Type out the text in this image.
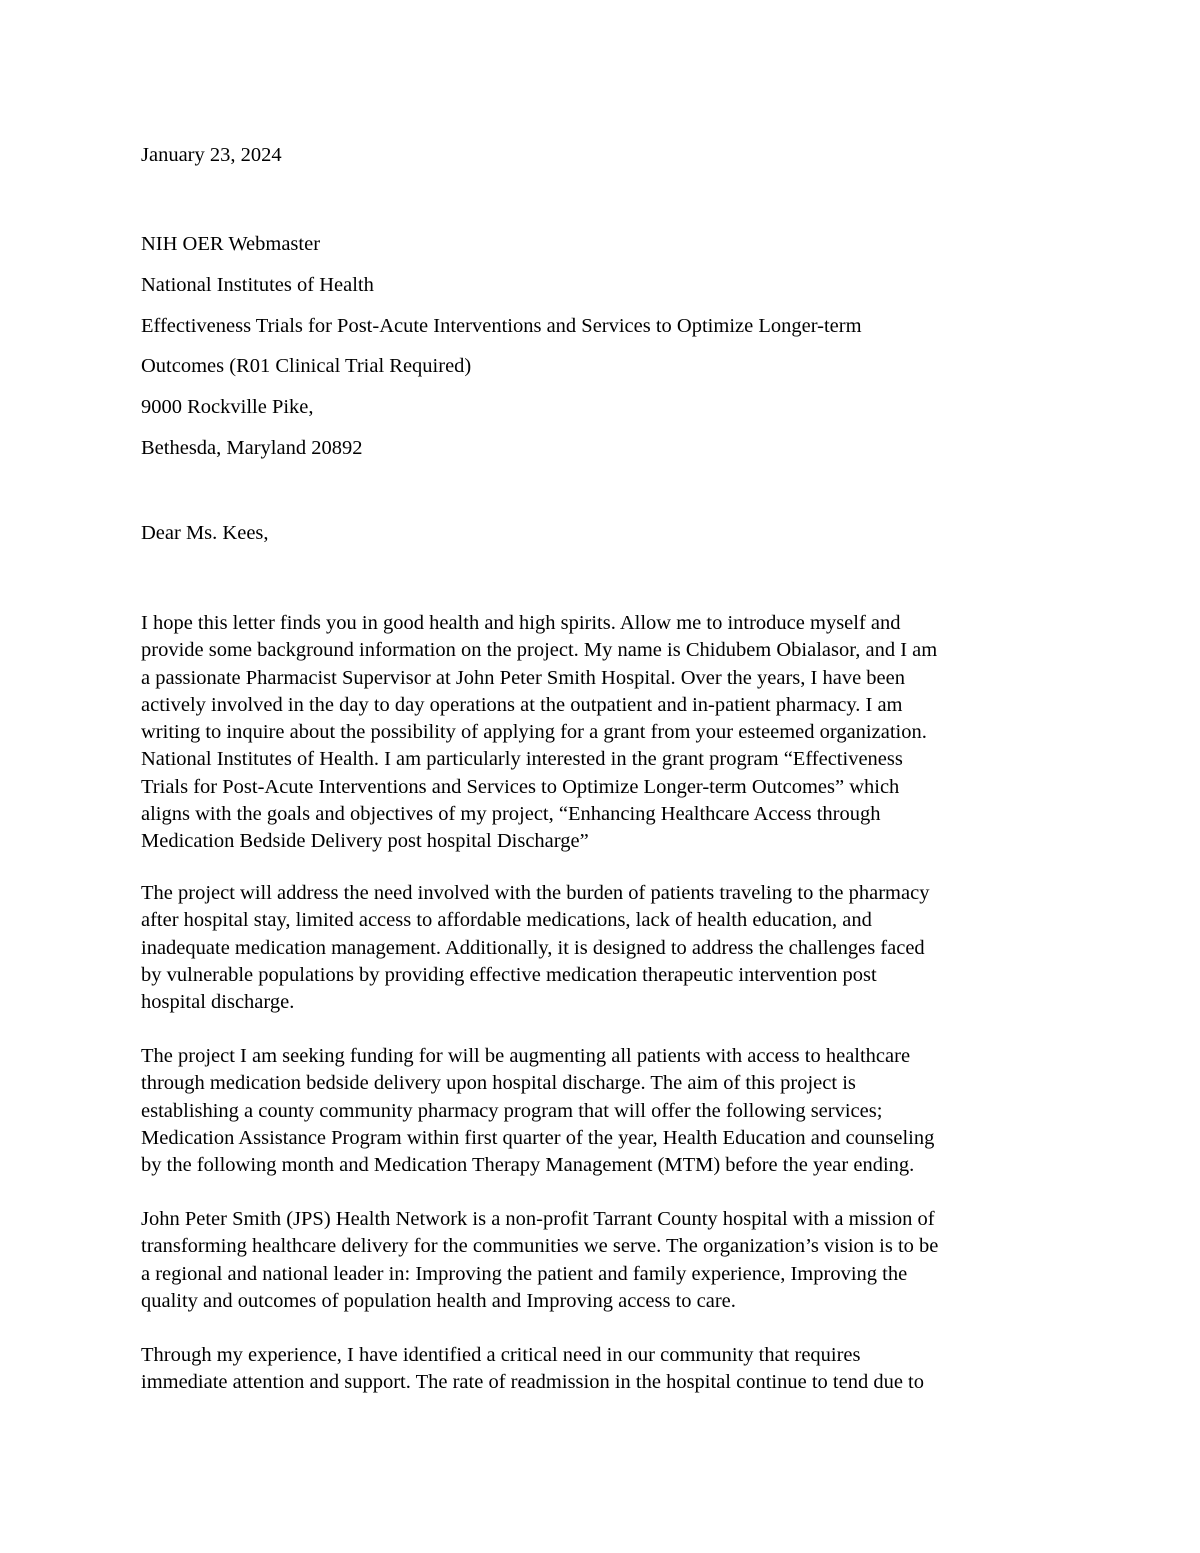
January 23, 2024
NIH OER Webmaster
National Institutes of Health
Effectiveness Trials for Post-Acute Interventions and Services to Optimize Longer-term
Outcomes (R01 Clinical Trial Required)
9000 Rockville Pike,
Bethesda, Maryland 20892
Dear Ms. Kees,
I hope this letter finds you in good health and high spirits. Allow me to introduce myself and
provide some background information on the project. My name is Chidubem Obialasor, and I am
a passionate Pharmacist Supervisor at John Peter Smith Hospital. Over the years, I have been
actively involved in the day to day operations at the outpatient and in-patient pharmacy. I am
writing to inquire about the possibility of applying for a grant from your esteemed organization.
National Institutes of Health. I am particularly interested in the grant program “Effectiveness
Trials for Post-Acute Interventions and Services to Optimize Longer-term Outcomes” which
aligns with the goals and objectives of my project, “Enhancing Healthcare Access through
Medication Bedside Delivery post hospital Discharge”
The project will address the need involved with the burden of patients traveling to the pharmacy
after hospital stay, limited access to affordable medications, lack of health education, and
inadequate medication management. Additionally, it is designed to address the challenges faced
by vulnerable populations by providing effective medication therapeutic intervention post
hospital discharge.
The project I am seeking funding for will be augmenting all patients with access to healthcare
through medication bedside delivery upon hospital discharge. The aim of this project is
establishing a county community pharmacy program that will offer the following services;
Medication Assistance Program within first quarter of the year, Health Education and counseling
by the following month and Medication Therapy Management (MTM) before the year ending.
John Peter Smith (JPS) Health Network is a non-profit Tarrant County hospital with a mission of
transforming healthcare delivery for the communities we serve. The organization’s vision is to be
a regional and national leader in: Improving the patient and family experience, Improving the
quality and outcomes of population health and Improving access to care.
Through my experience, I have identified a critical need in our community that requires
immediate attention and support. The rate of readmission in the hospital continue to tend due to
